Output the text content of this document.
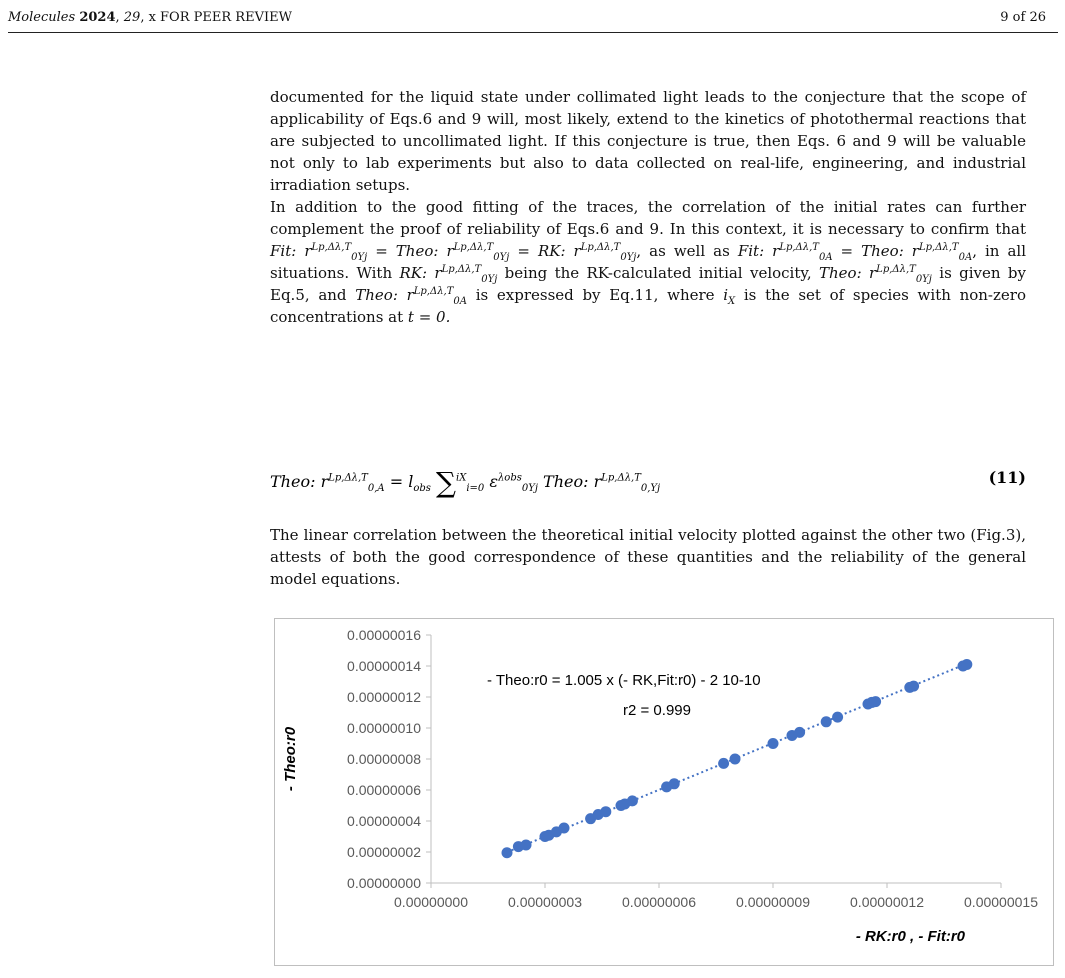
Molecules 2024, 29, x FOR PEER REVIEW	9 of 26

documented for the liquid state under collimated light leads to the conjecture that the scope of applicability of Eqs.6 and 9 will, most likely, extend to the kinetics of photothermal reactions that are subjected to uncollimated light. If this conjecture is true, then Eqs. 6 and 9 will be valuable not only to lab experiments but also to data collected on real-life, engineering, and industrial irradiation setups.

In addition to the good fitting of the traces, the correlation of the initial rates can further complement the proof of reliability of Eqs.6 and 9. In this context, it is necessary to confirm that Fit: $r^{Lp,\Delta\lambda,T}_{0Yj}$ = Theo: $r^{Lp,\Delta\lambda,T}_{0Yj}$ = RK: $r^{Lp,\Delta\lambda,T}_{0Yj}$, as well as Fit: $r^{Lp,\Delta\lambda,T}_{0A}$ = Theo: $r^{Lp,\Delta\lambda,T}_{0A}$, in all situations. With RK: $r^{Lp,\Delta\lambda,T}_{0Yj}$ being the RK-calculated initial velocity, Theo: $r^{Lp,\Delta\lambda,T}_{0Yj}$ is given by Eq.5, and Theo: $r^{Lp,\Delta\lambda,T}_{0A}$ is expressed by Eq.11, where $i_X$ is the set of species with non-zero concentrations at t = 0.

Theo: $r^{Lp,\Delta\lambda,T}_{0,A} = l_{obs}$ ∑$^{iX}_{i=0}$ $\varepsilon^{\lambda obs}_{0Yj}$ Theo: $r^{Lp,\Delta\lambda,T}_{0,Yj}$
(11)

The linear correlation between the theoretical initial velocity plotted against the other two (Fig.3), attests of both the good correspondence of these quantities and the reliability of the general model equations.

0.00000000
0.00000002
0.00000004
0.00000006
0.00000008
0.00000010
0.00000012
0.00000014
0.00000016
0.00000000	0.00000003	0.00000006	0.00000009	0.00000012	0.00000015
- Theo:r0 = 1.005 x (- RK,Fit:r0) - 2 10-10
r2 = 0.999
- RK:r0 , - Fit:r0
- Theo:r0
